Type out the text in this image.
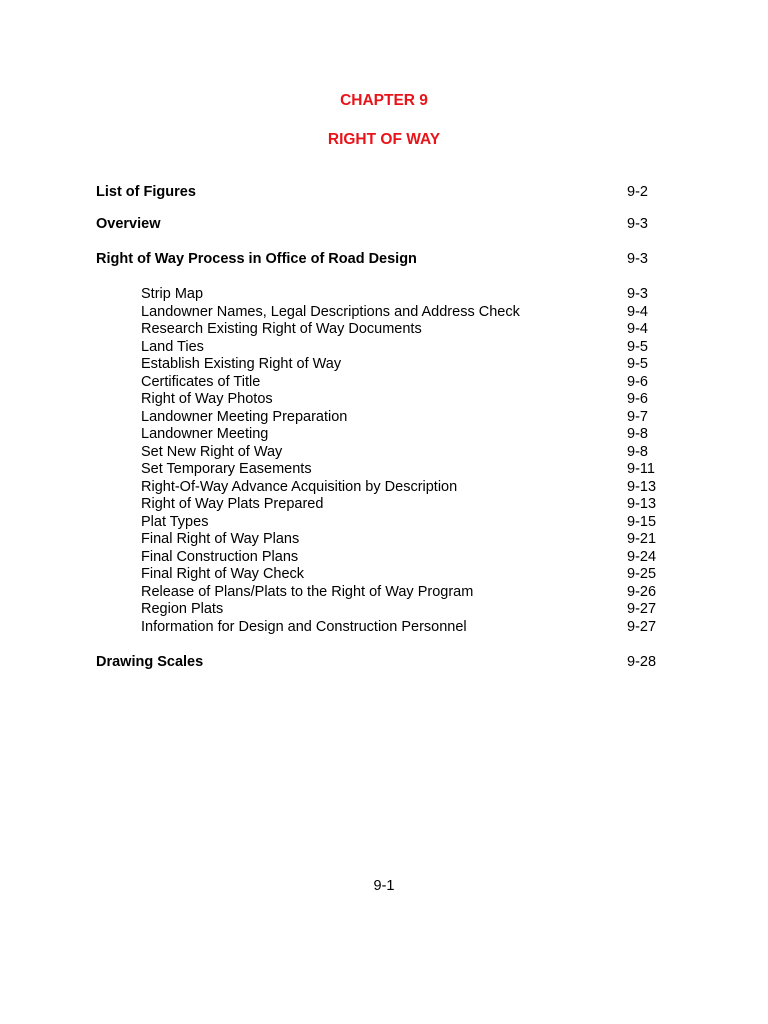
CHAPTER 9
RIGHT OF WAY
List of Figures	9-2
Overview	9-3
Right of Way Process in Office of Road Design	9-3
Strip Map	9-3
Landowner Names, Legal Descriptions and Address Check	9-4
Research Existing Right of Way Documents	9-4
Land Ties	9-5
Establish Existing Right of Way	9-5
Certificates of Title	9-6
Right of Way Photos	9-6
Landowner Meeting Preparation	9-7
Landowner Meeting	9-8
Set New Right of Way	9-8
Set Temporary Easements	9-11
Right-Of-Way Advance Acquisition by Description	9-13
Right of Way Plats Prepared	9-13
Plat Types	9-15
Final Right of Way Plans	9-21
Final Construction Plans	9-24
Final Right of Way Check	9-25
Release of Plans/Plats to the Right of Way Program	9-26
Region Plats	9-27
Information for Design and Construction Personnel	9-27
Drawing Scales	9-28
9-1
